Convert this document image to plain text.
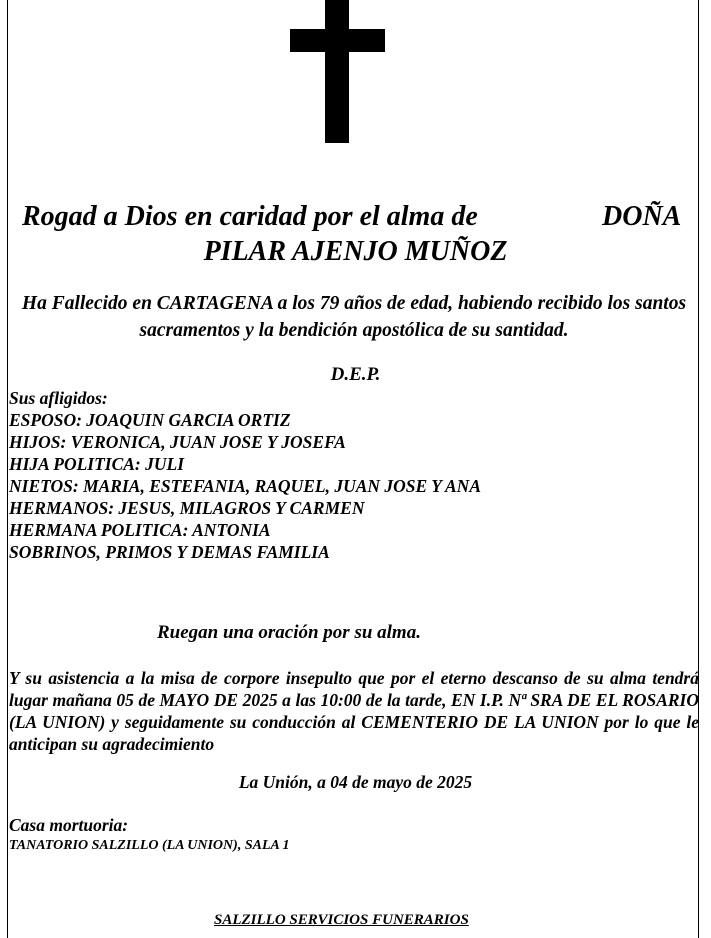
Rogad a Dios en caridad por el alma de	DOÑA
PILAR AJENJO MUÑOZ
Ha Fallecido en CARTAGENA a los 79 años de edad, habiendo recibido los santos sacramentos y la bendición apostólica de su santidad.
D.E.P.
Sus afligidos:
ESPOSO: JOAQUIN GARCIA ORTIZ
HIJOS: VERONICA, JUAN JOSE Y JOSEFA
HIJA POLITICA: JULI
NIETOS: MARIA, ESTEFANIA, RAQUEL, JUAN JOSE Y ANA
HERMANOS: JESUS, MILAGROS Y CARMEN
HERMANA POLITICA: ANTONIA
SOBRINOS, PRIMOS Y DEMAS FAMILIA
Ruegan una oración por su alma.
Y su asistencia a la misa de corpore insepulto que por el eterno descanso de su alma tendrá lugar mañana 05 de MAYO DE 2025 a las 10:00 de la tarde, EN I.P. Nª SRA DE EL ROSARIO (LA UNION) y seguidamente su conducción al CEMENTERIO DE LA UNION por lo que le anticipan su agradecimiento
La Unión, a 04 de mayo de 2025
Casa mortuoria:
TANATORIO SALZILLO (LA UNION), SALA 1
SALZILLO SERVICIOS FUNERARIOS
